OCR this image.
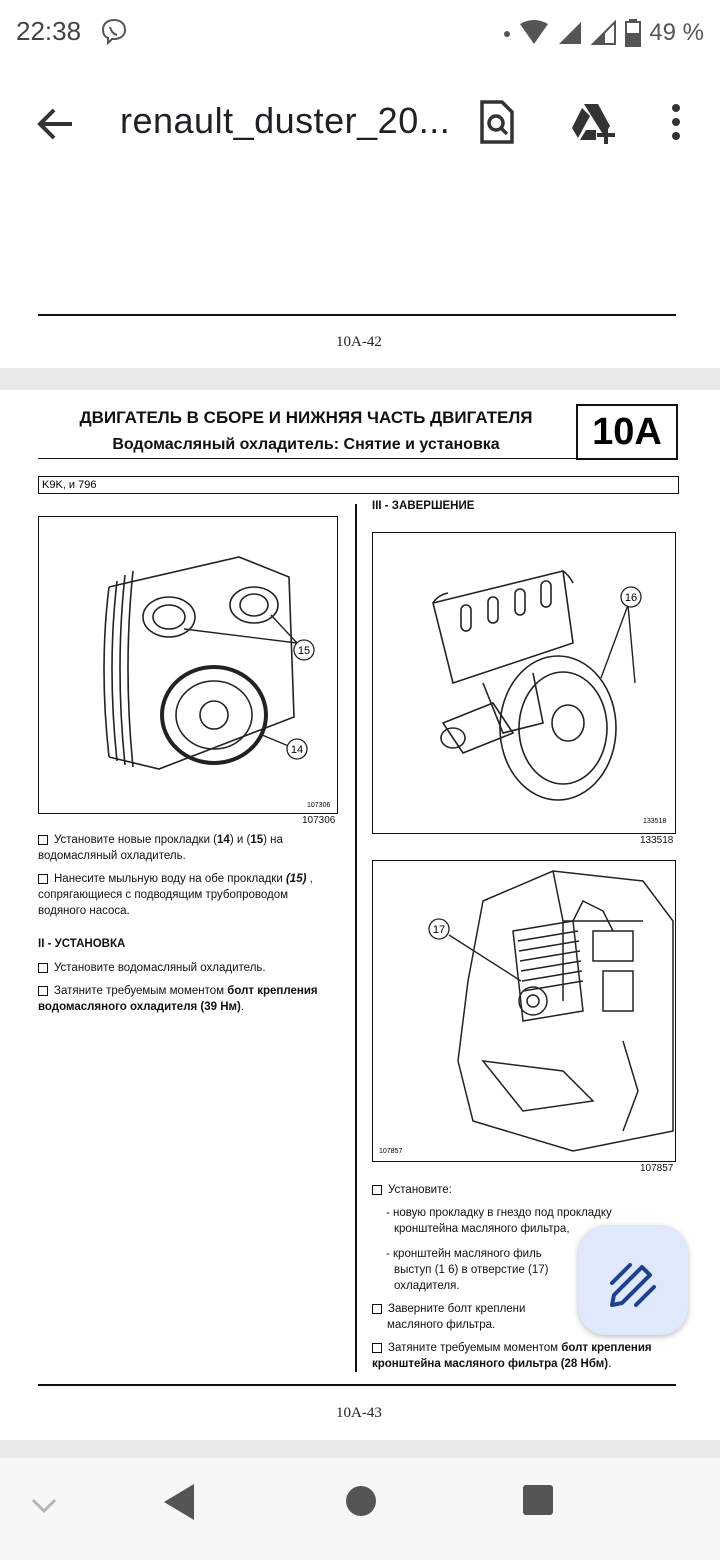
22:38	●	49 %
renault_duster_20...
10A-42
ДВИГАТЕЛЬ В СБОРЕ И НИЖНЯЯ ЧАСТЬ ДВИГАТЕЛЯ
Водомасляный охладитель: Снятие и установка	10A
K9K, и 796
15
14
107306
107306
Установите новые прокладки (14) и (15) на водомасляный охладитель.
Нанесите мыльную воду на обе прокладки (15) , сопрягающиеся с подводящим трубопроводом водяного насоса.
II - УСТАНОВКА
Установите водомасляный охладитель.
Затяните требуемым моментом болт крепления водомасляного охладителя (39 Нм).
III - ЗАВЕРШЕНИЕ
16
133518
133518
17
107857
107857
Установите:
- новую прокладку в гнездо под прокладку
кронштейна масляного фильтра,
- кронштейн масляного филь
выступ (1 6) в отверстие (17)
охладителя.
Заверните болт креплени
масляного фильтра.
Затяните требуемым моментом болт крепления кронштейна масляного фильтра (28 Нбм).
10A-43
